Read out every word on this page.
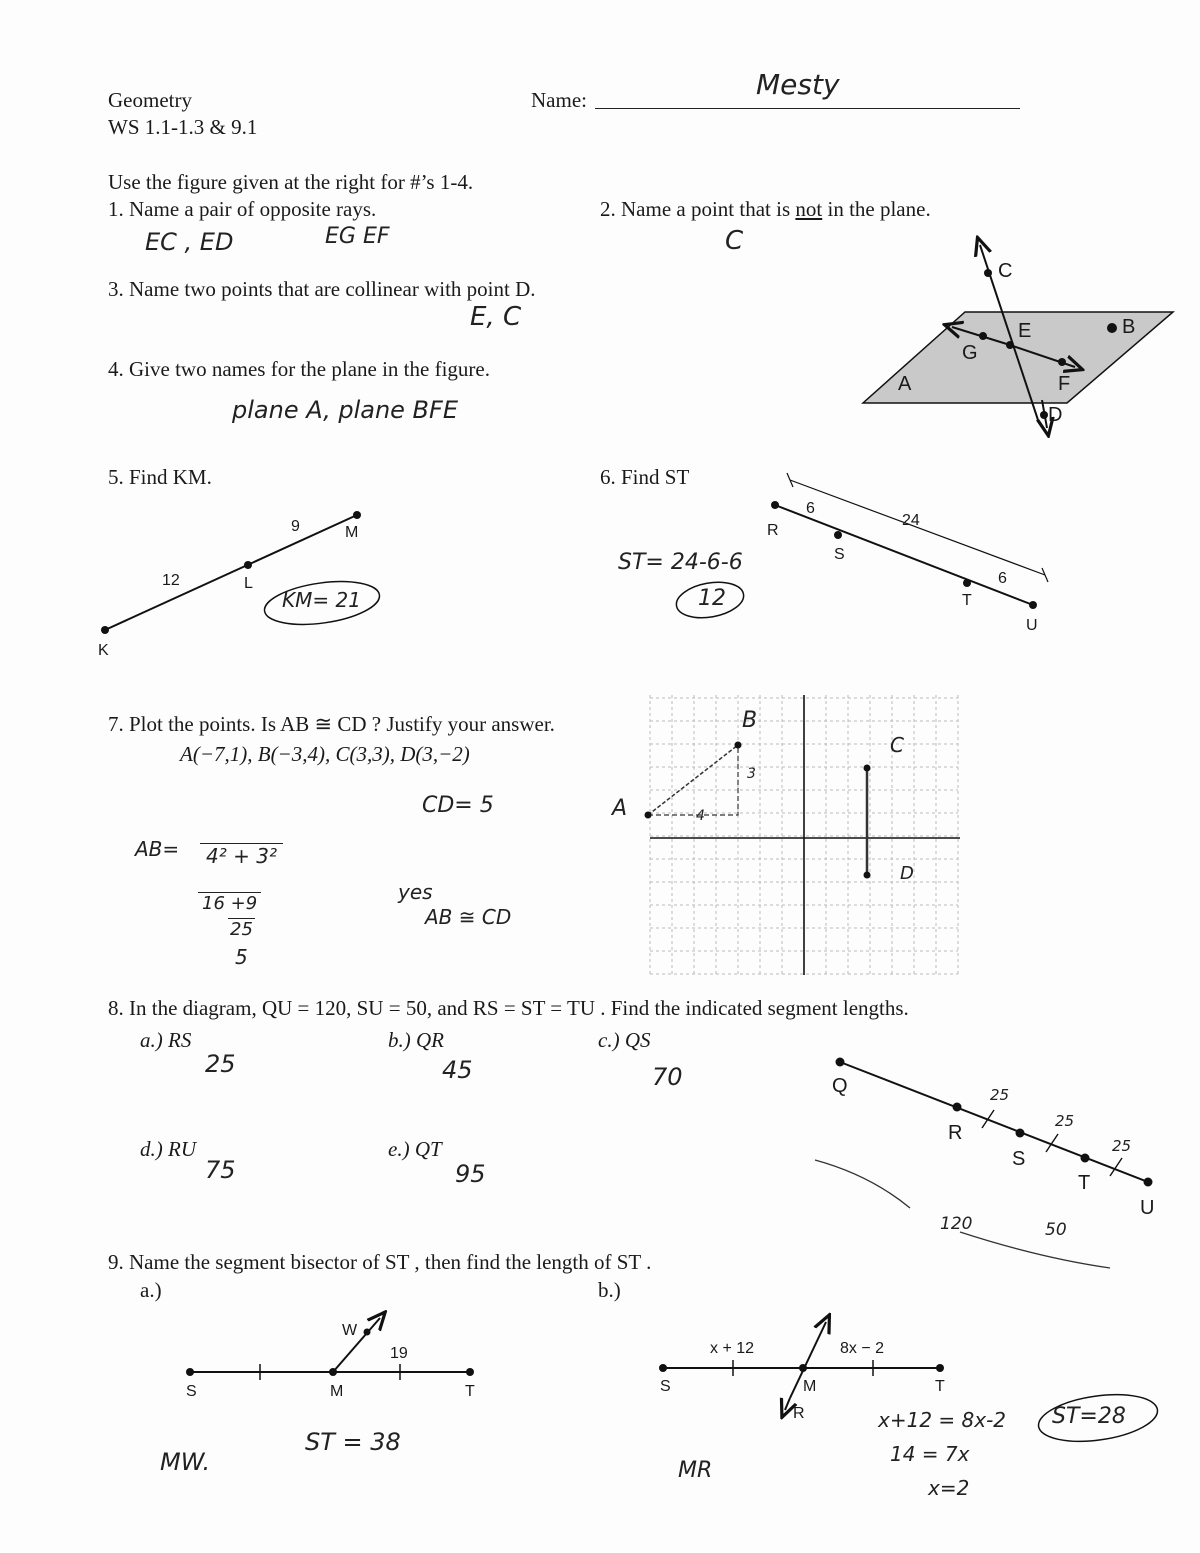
Geometry
WS 1.1-1.3 & 9.1
Name:	Mesty
Use the figure given at the right for #’s 1-4.
1. Name a pair of opposite rays.
EC , ED	EG EF
2. Name a point that is not in the plane.
C
3. Name two points that are collinear with point D.
E, C
4. Give two names for the plane in the figure.
plane A, plane BFE
C
E	B
G
A	F
D
5. Find KM.
K
L
M
12
9
KM= 21
6. Find ST
R
S
T
U
6
24
6
ST= 24-6-6
12
7. Plot the points. Is AB ≅ CD ? Justify your answer.
A(−7,1), B(−3,4), C(3,3), D(3,−2)
CD= 5
AB=	4² + 3²
16 +9
25
5
yes
AB ≅ CD
A
B
C
D
4
3
8. In the diagram, QU = 120, SU = 50, and RS = ST = TU . Find the indicated segment lengths.
a.) RS
25
b.) QR
45
c.) QS
70
d.) RU
75
e.) QT
95
Q
R
S
T
U
25
25
25
120	50
9. Name the segment bisector of ST , then find the length of ST .
a.)	b.)
S	M	T
W
19
MW.
ST = 38
S	M	T
R
x + 12	8x − 2
MR
x+12 = 8x-2
14 = 7x
x=2
ST=28
